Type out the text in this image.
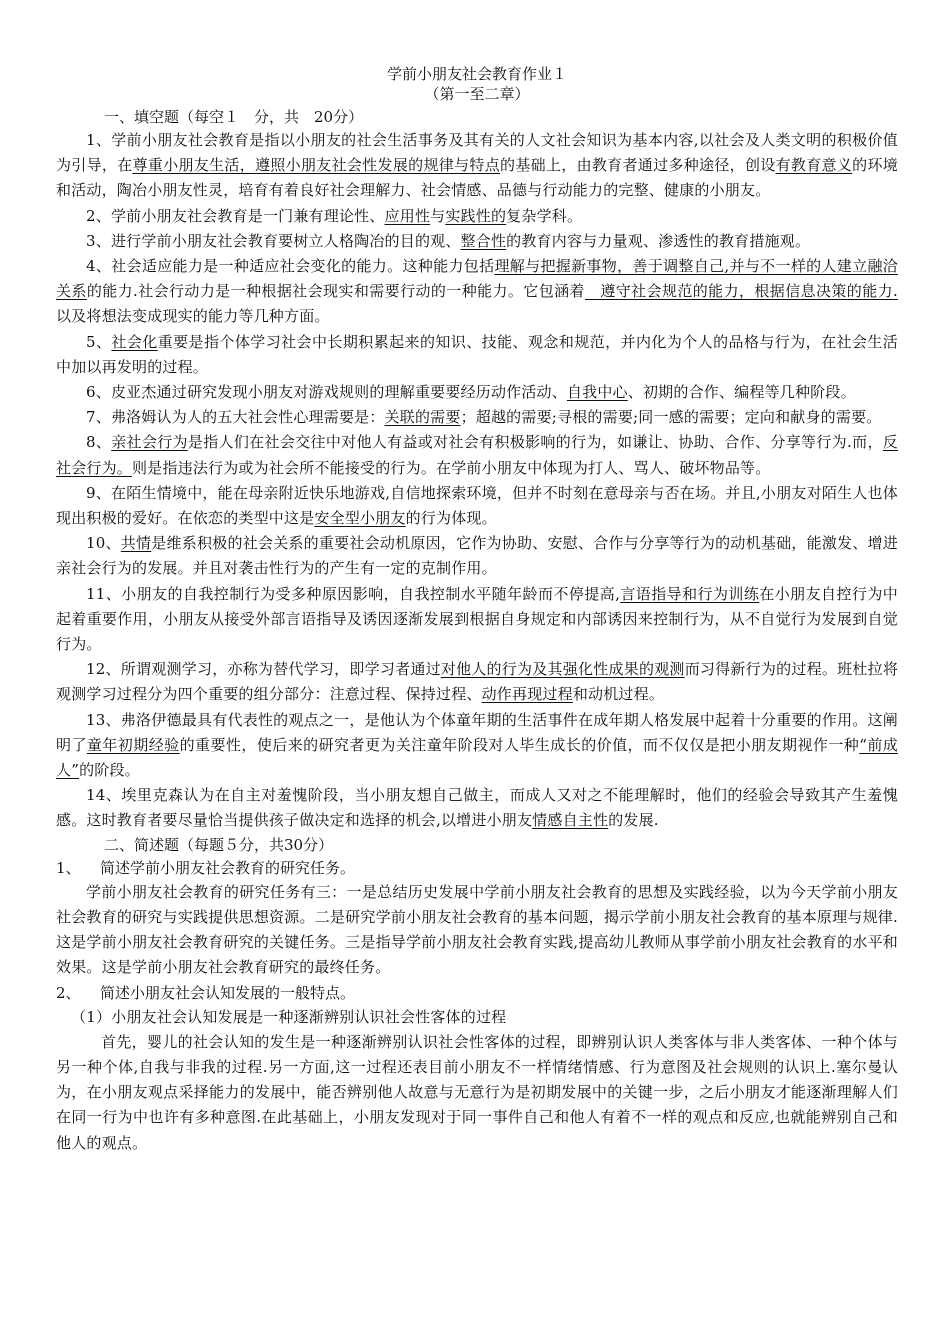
学前小朋友社会教育作业１
（第一至二章）
一、填空题（每空１　分，共　20分）

1、学前小朋友社会教育是指以小朋友的社会生活事务及其有关的人文社会知识为基本内容,以社会及人类文明的积极价值为引导，在尊重小朋友生活，遵照小朋友社会性发展的规律与特点的基础上，由教育者通过多种途径，创设有教育意义的环境和活动，陶冶小朋友性灵，培育有着良好社会理解力、社会情感、品德与行动能力的完整、健康的小朋友。

2、学前小朋友社会教育是一门兼有理论性、应用性与实践性的复杂学科。

3、进行学前小朋友社会教育要树立人格陶冶的目的观、整合性的教育内容与力量观、渗透性的教育措施观。

4、社会适应能力是一种适应社会变化的能力。这种能力包括理解与把握新事物，善于调整自己,并与不一样的人建立融洽关系的能力.社会行动力是一种根据社会现实和需要行动的一种能力。它包涵着　遵守社会规范的能力，根据信息决策的能力.以及将想法变成现实的能力等几种方面。

5、社会化重要是指个体学习社会中长期积累起来的知识、技能、观念和规范，并内化为个人的品格与行为，在社会生活中加以再发明的过程。

6、皮亚杰通过研究发现小朋友对游戏规则的理解重要要经历动作活动、自我中心、初期的合作、编程等几种阶段。

7、弗洛姆认为人的五大社会性心理需要是：关联的需要；超越的需要;寻根的需要;同一感的需要；定向和献身的需要。

8、亲社会行为是指人们在社会交往中对他人有益或对社会有积极影响的行为，如谦让、协助、合作、分享等行为.而，反社会行为。则是指违法行为或为社会所不能接受的行为。在学前小朋友中体现为打人、骂人、破坏物品等。

9、在陌生情境中，能在母亲附近快乐地游戏,自信地探索环境，但并不时刻在意母亲与否在场。并且,小朋友对陌生人也体现出积极的爱好。在依恋的类型中这是安全型小朋友的行为体现。

10、共情是维系积极的社会关系的重要社会动机原因，它作为协助、安慰、合作与分享等行为的动机基础，能激发、增进亲社会行为的发展。并且对袭击性行为的产生有一定的克制作用。

11、小朋友的自我控制行为受多种原因影响，自我控制水平随年龄而不停提高,言语指导和行为训练在小朋友自控行为中起着重要作用，小朋友从接受外部言语指导及诱因逐渐发展到根据自身规定和内部诱因来控制行为，从不自觉行为发展到自觉行为。

12、所谓观测学习，亦称为替代学习，即学习者通过对他人的行为及其强化性成果的观测而习得新行为的过程。班杜拉将观测学习过程分为四个重要的组分部分：注意过程、保持过程、动作再现过程和动机过程。

13、弗洛伊德最具有代表性的观点之一，是他认为个体童年期的生活事件在成年期人格发展中起着十分重要的作用。这阐明了童年初期经验的重要性，使后来的研究者更为关注童年阶段对人毕生成长的价值，而不仅仅是把小朋友期视作一种“前成人”的阶段。

14、埃里克森认为在自主对羞愧阶段，当小朋友想自己做主，而成人又对之不能理解时，他们的经验会导致其产生羞愧感。这时教育者要尽量恰当提供孩子做决定和选择的机会,以增进小朋友情感自主性的发展.

二、简述题（每题５分，共30分）

1、 简述学前小朋友社会教育的研究任务。

学前小朋友社会教育的研究任务有三：一是总结历史发展中学前小朋友社会教育的思想及实践经验，以为今天学前小朋友社会教育的研究与实践提供思想资源。二是研究学前小朋友社会教育的基本问题，揭示学前小朋友社会教育的基本原理与规律.这是学前小朋友社会教育研究的关键任务。三是指导学前小朋友社会教育实践,提高幼儿教师从事学前小朋友社会教育的水平和效果。这是学前小朋友社会教育研究的最终任务。

2、 简述小朋友社会认知发展的一般特点。

（1）小朋友社会认知发展是一种逐渐辨别认识社会性客体的过程

首先，婴儿的社会认知的发生是一种逐渐辨别认识社会性客体的过程，即辨别认识人类客体与非人类客体、一种个体与另一种个体,自我与非我的过程.另一方面,这一过程还表目前小朋友不一样情绪情感、行为意图及社会规则的认识上.塞尔曼认为，在小朋友观点采择能力的发展中，能否辨别他人故意与无意行为是初期发展中的关键一步，之后小朋友才能逐渐理解人们在同一行为中也许有多种意图.在此基础上，小朋友发现对于同一事件自己和他人有着不一样的观点和反应,也就能辨别自己和他人的观点。
